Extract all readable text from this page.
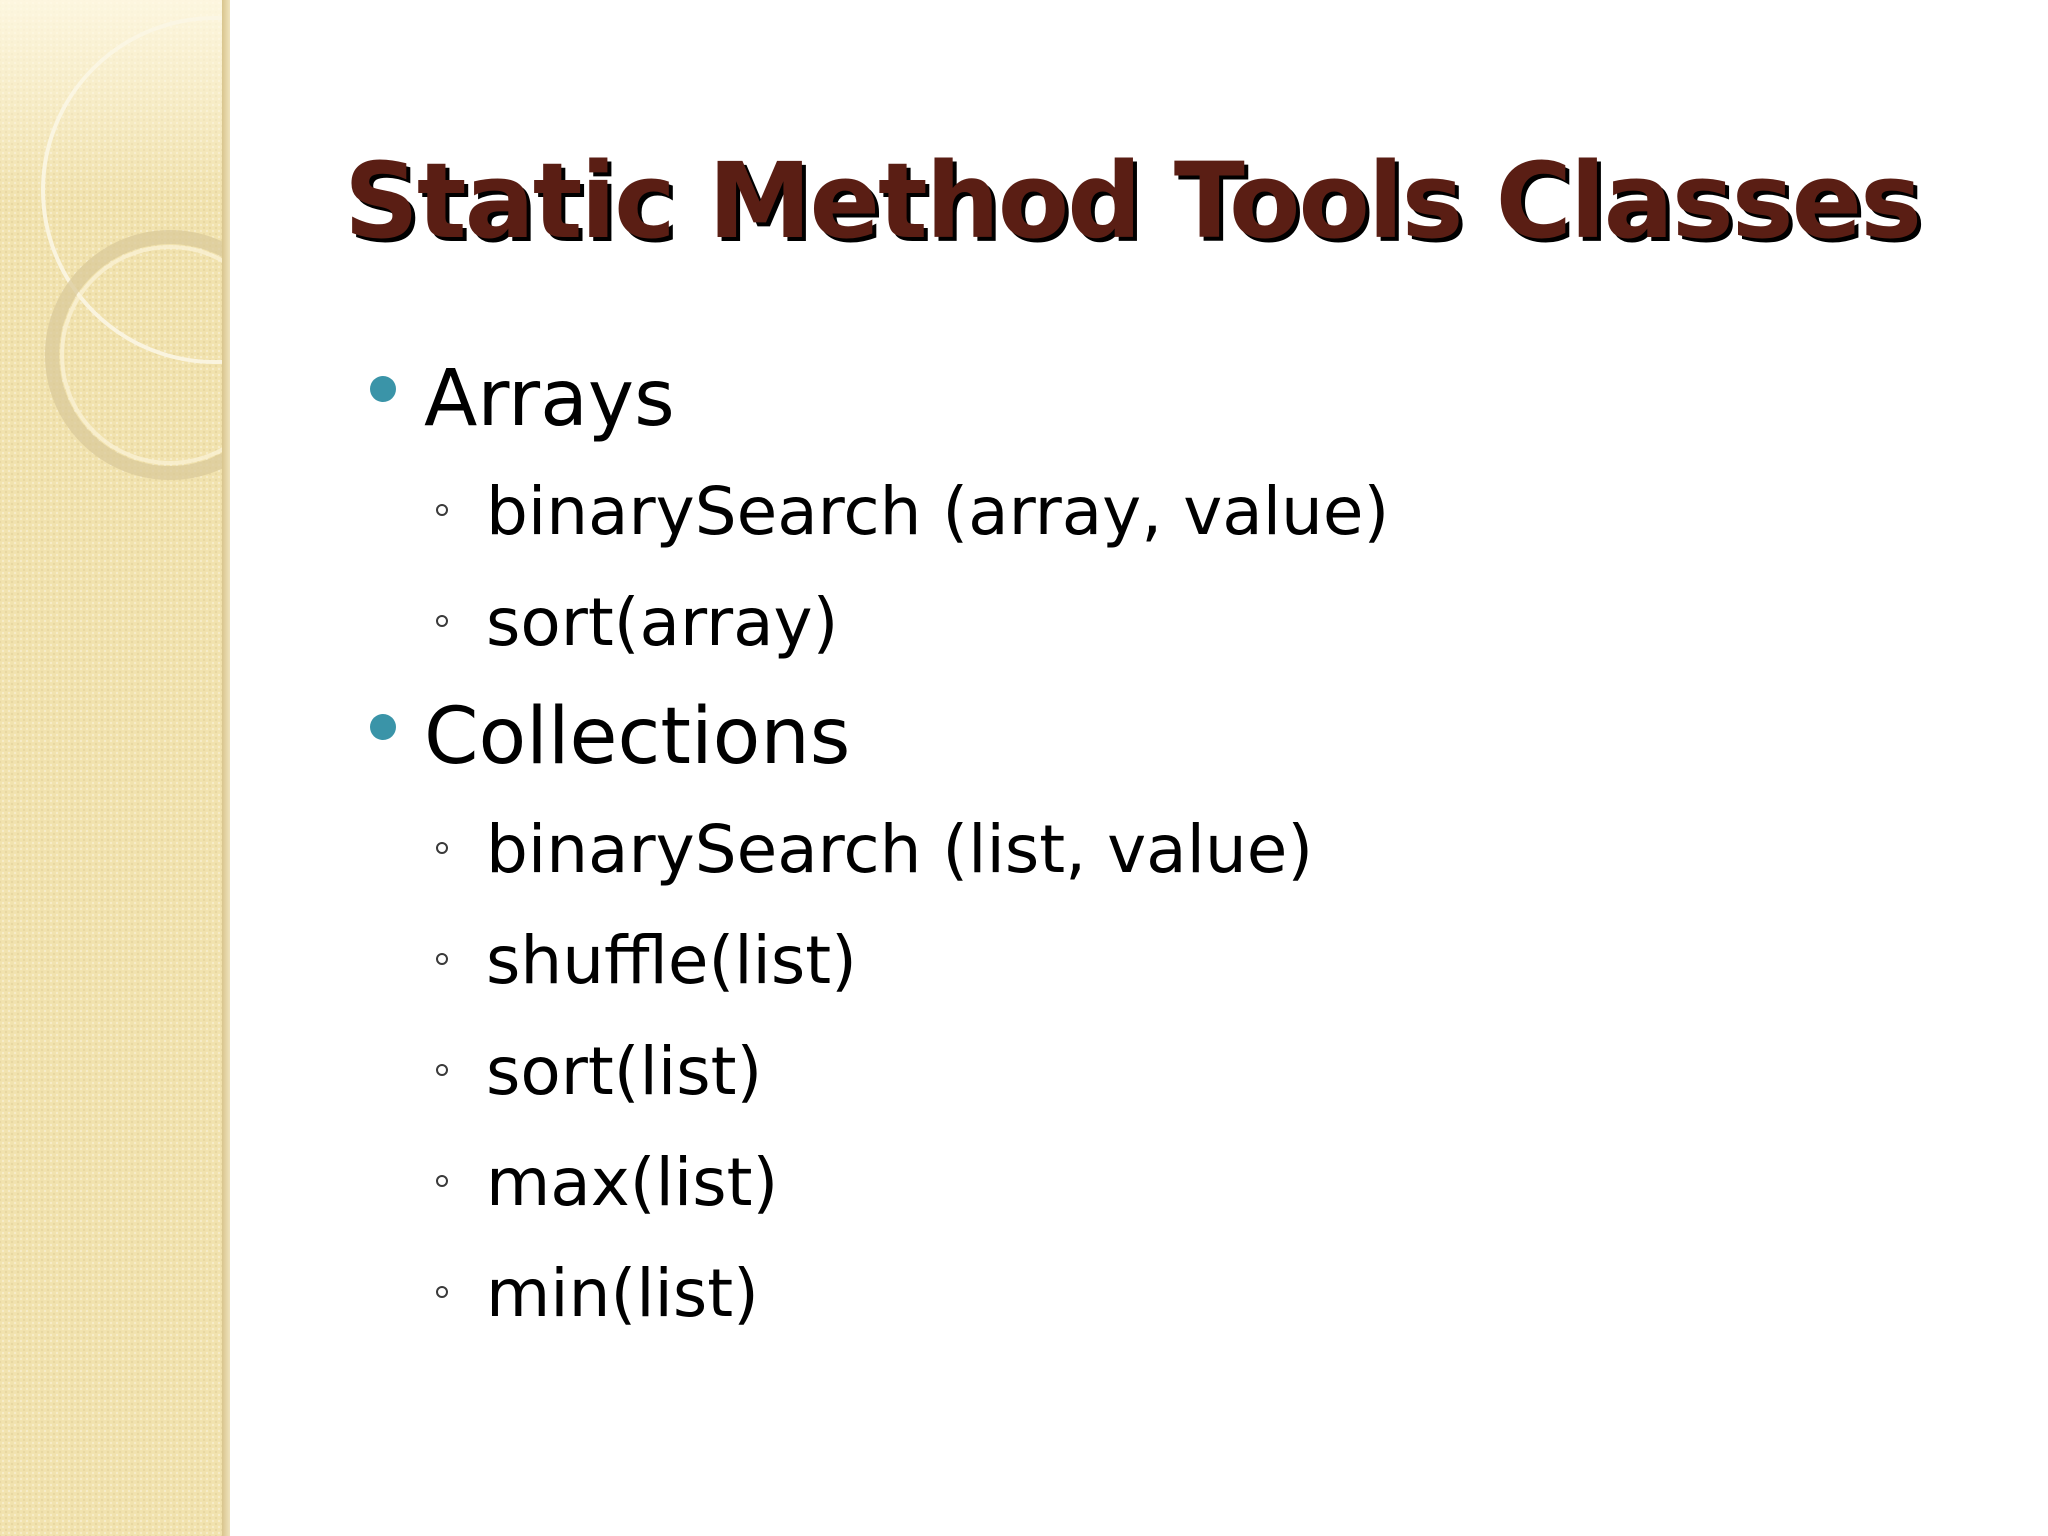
Static Method Tools Classes
Arrays
binarySearch (array, value)
sort(array)
Collections
binarySearch (list, value)
shuffle(list)
sort(list)
max(list)
min(list)
